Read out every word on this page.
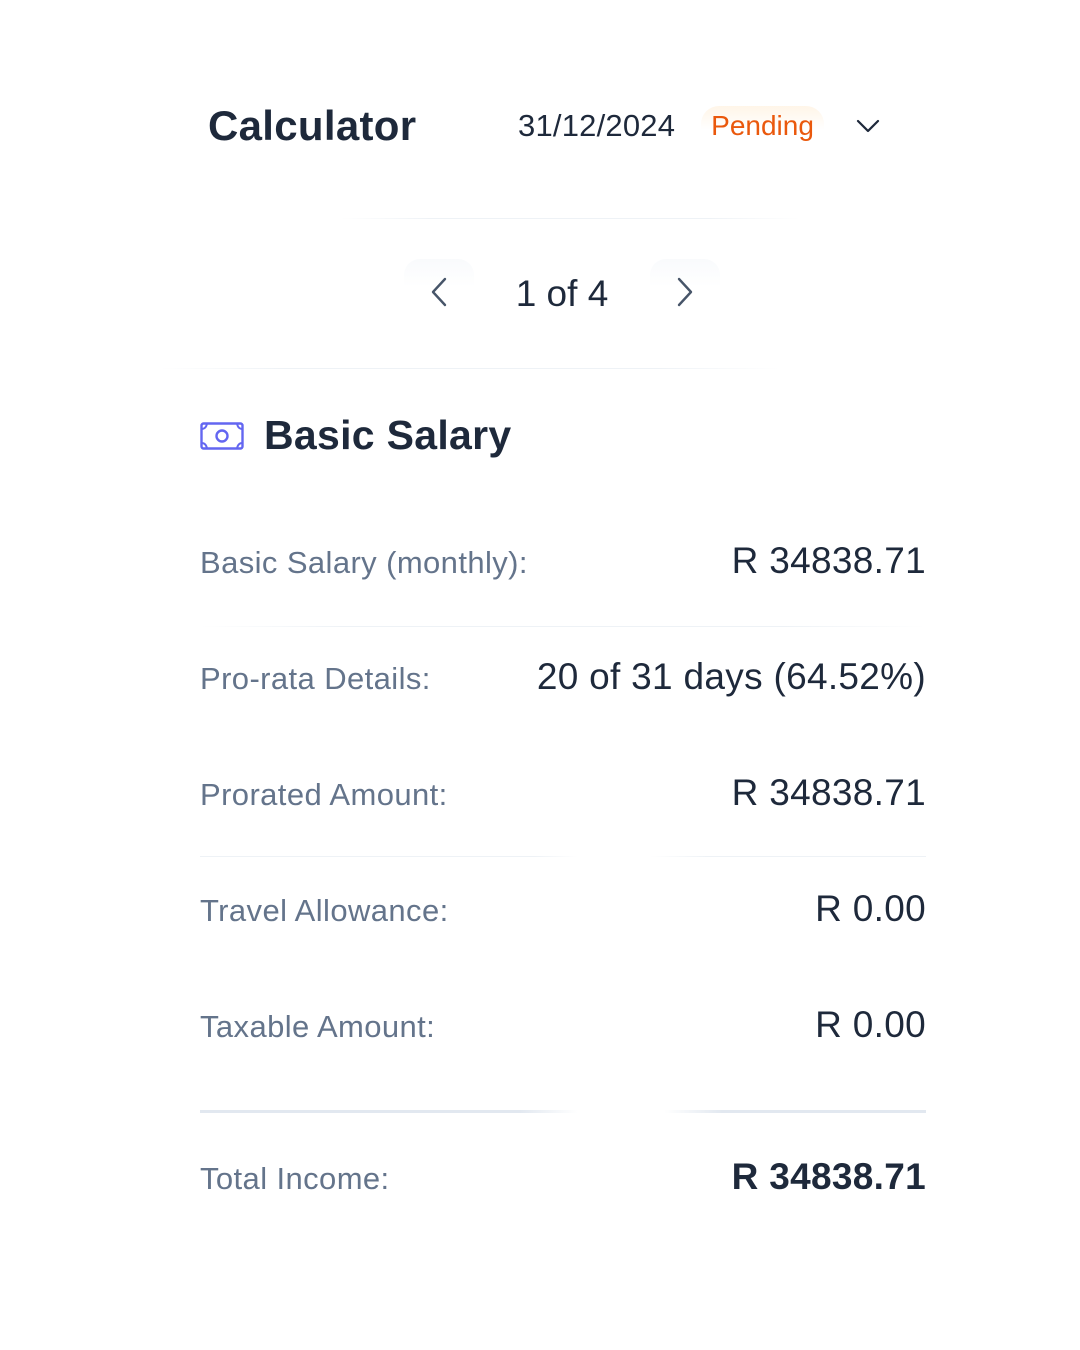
Calculator	31/12/2024	Pending
1 of 4
Basic Salary
Basic Salary (monthly):	R 34838.71
Pro-rata Details:	20 of 31 days (64.52%)
Prorated Amount:	R 34838.71
Travel Allowance:	R 0.00
Taxable Amount:	R 0.00
Total Income:	R 34838.71
